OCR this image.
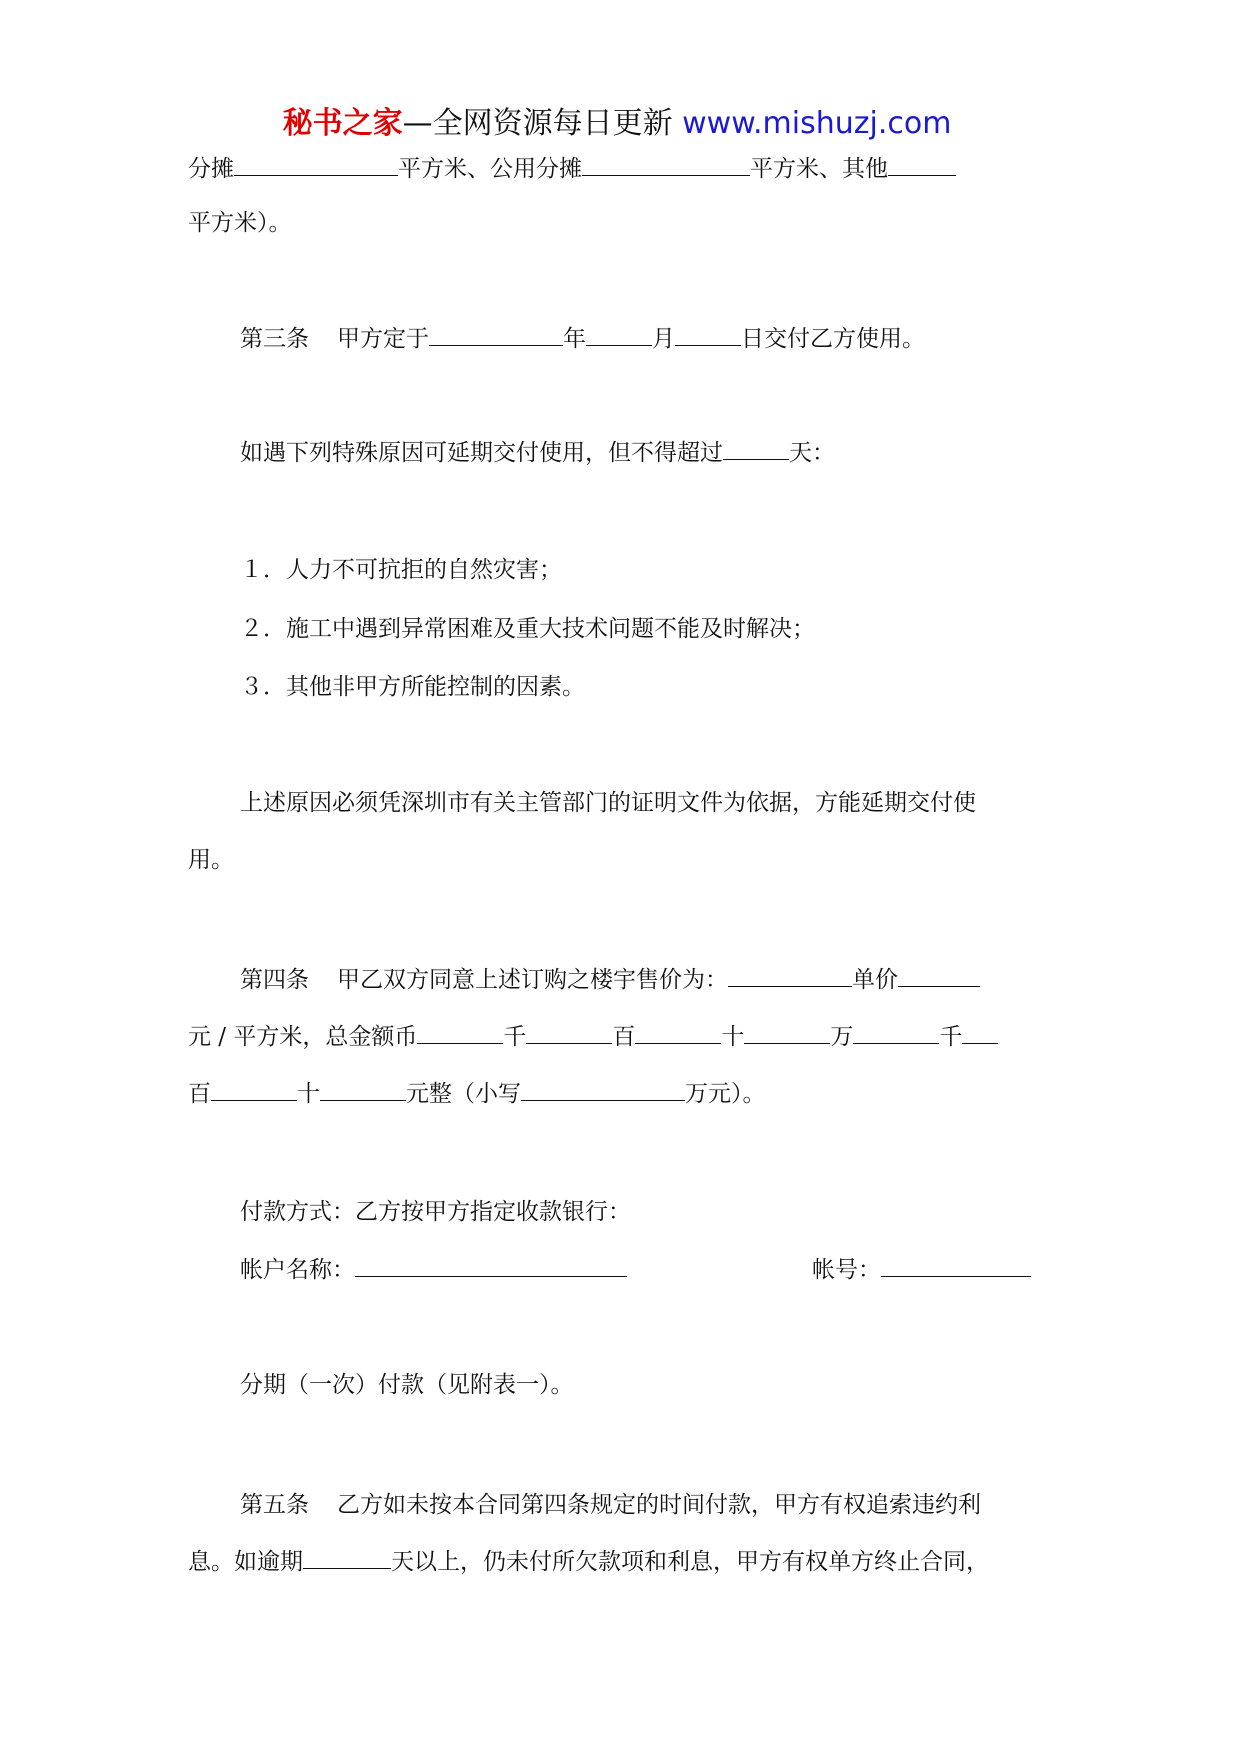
秘书之家—全网资源每日更新 www.mishuzj.com
分摊	平方米、公用分摊	平方米、其他
平方米）。
第三条 甲方定于	年	月	日交付乙方使用。
如遇下列特殊原因可延期交付使用，但不得超过	天：
１．人力不可抗拒的自然灾害；
２．施工中遇到异常困难及重大技术问题不能及时解决；
３．其他非甲方所能控制的因素。
上述原因必须凭深圳市有关主管部门的证明文件为依据，方能延期交付使
用。
第四条 甲乙双方同意上述订购之楼宇售价为：	单价
元 / 平方米，总金额币	千	百	十	万	千
百	十	元整（小写	万元）。
付款方式：乙方按甲方指定收款银行：
帐户名称：	帐号：
分期（一次）付款（见附表一）。
第五条 乙方如未按本合同第四条规定的时间付款，甲方有权追索违约利
息。如逾期	天以上，仍未付所欠款项和利息，甲方有权单方终止合同，
